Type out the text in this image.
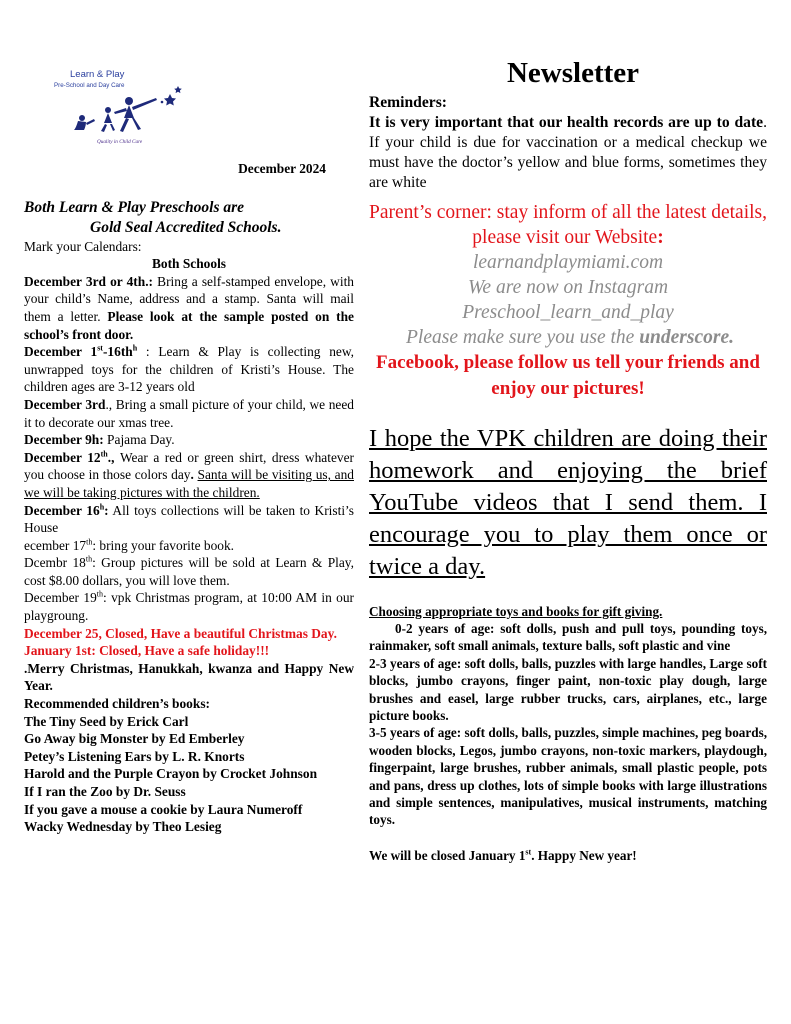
Learn & Play
Pre-School and Day Care
Quality in Child Care
December 2024
Both Learn & Play Preschools are
Gold Seal Accredited Schools.
Mark your Calendars:
Both Schools
December 3rd or 4th.: Bring a self-stamped envelope, with your child’s Name, address and a stamp. Santa will mail them a letter. Please look at the sample posted on the school’s front door.
December $1st-16th^h$ : Learn & Play is collecting new, unwrapped toys for the children of Kristi’s House. The children ages are 3-12 years old
December 3rd., Bring a small picture of your child, we need it to decorate our xmas tree.
December 9h: Pajama Day.
December 12th., Wear a red or green shirt, dress whatever you choose in those colors day. Santa will be visiting us, and we will be taking pictures with the children.
December 16$^h$: All toys collections will be taken to Kristi’s House
ecember 17th: bring your favorite book.
Dcembr 18th: Group pictures will be sold at Learn & Play, cost $8.00 dollars, you will love them.
December 19th: vpk Christmas program, at 10:00 AM in our playgroung.
December 25, Closed, Have a beautiful Christmas Day.
January 1st: Closed, Have a safe holiday!!!
.Merry Christmas, Hanukkah, kwanza and Happy New Year.
Recommended children’s books:
The Tiny Seed by Erick Carl
Go Away big Monster by Ed Emberley
Petey’s Listening Ears by L. R. Knorts
Harold and the Purple Crayon by Crocket Johnson
If I ran the Zoo by Dr. Seuss
If you gave a mouse a cookie by Laura Numeroff
Wacky Wednesday by Theo Lesieg
Newsletter
Reminders:
It is very important that our health records are up to date. If your child is due for vaccination or a medical checkup we must have the doctor’s yellow and blue forms, sometimes they are white
Parent’s corner: stay inform of all the latest details, please visit our Website:
learnandplaymiami.com
We are now on Instagram
Preschool_learn_and_play
Please make sure you use the underscore.
Facebook, please follow us tell your friends and enjoy our pictures!
I hope the VPK children are doing their homework and enjoying the brief YouTube videos that I send them. I encourage you to play them once or twice a day.
Choosing appropriate toys and books for gift giving.
0-2 years of age: soft dolls, push and pull toys, pounding toys, rainmaker, soft small animals, texture balls, soft plastic and vine
2-3 years of age: soft dolls, balls, puzzles with large handles, Large soft blocks, jumbo crayons, finger paint, non-toxic play dough, large brushes and easel, large rubber trucks, cars, airplanes, etc., large picture books.
3-5 years of age: soft dolls, balls, puzzles, simple machines, peg boards, wooden blocks, Legos, jumbo crayons, non-toxic markers, playdough, fingerpaint, large brushes, rubber animals, small plastic people, pots and pans, dress up clothes, lots of simple books with large illustrations and simple sentences, manipulatives, musical instruments, matching toys.
We will be closed January 1st. Happy New year!
